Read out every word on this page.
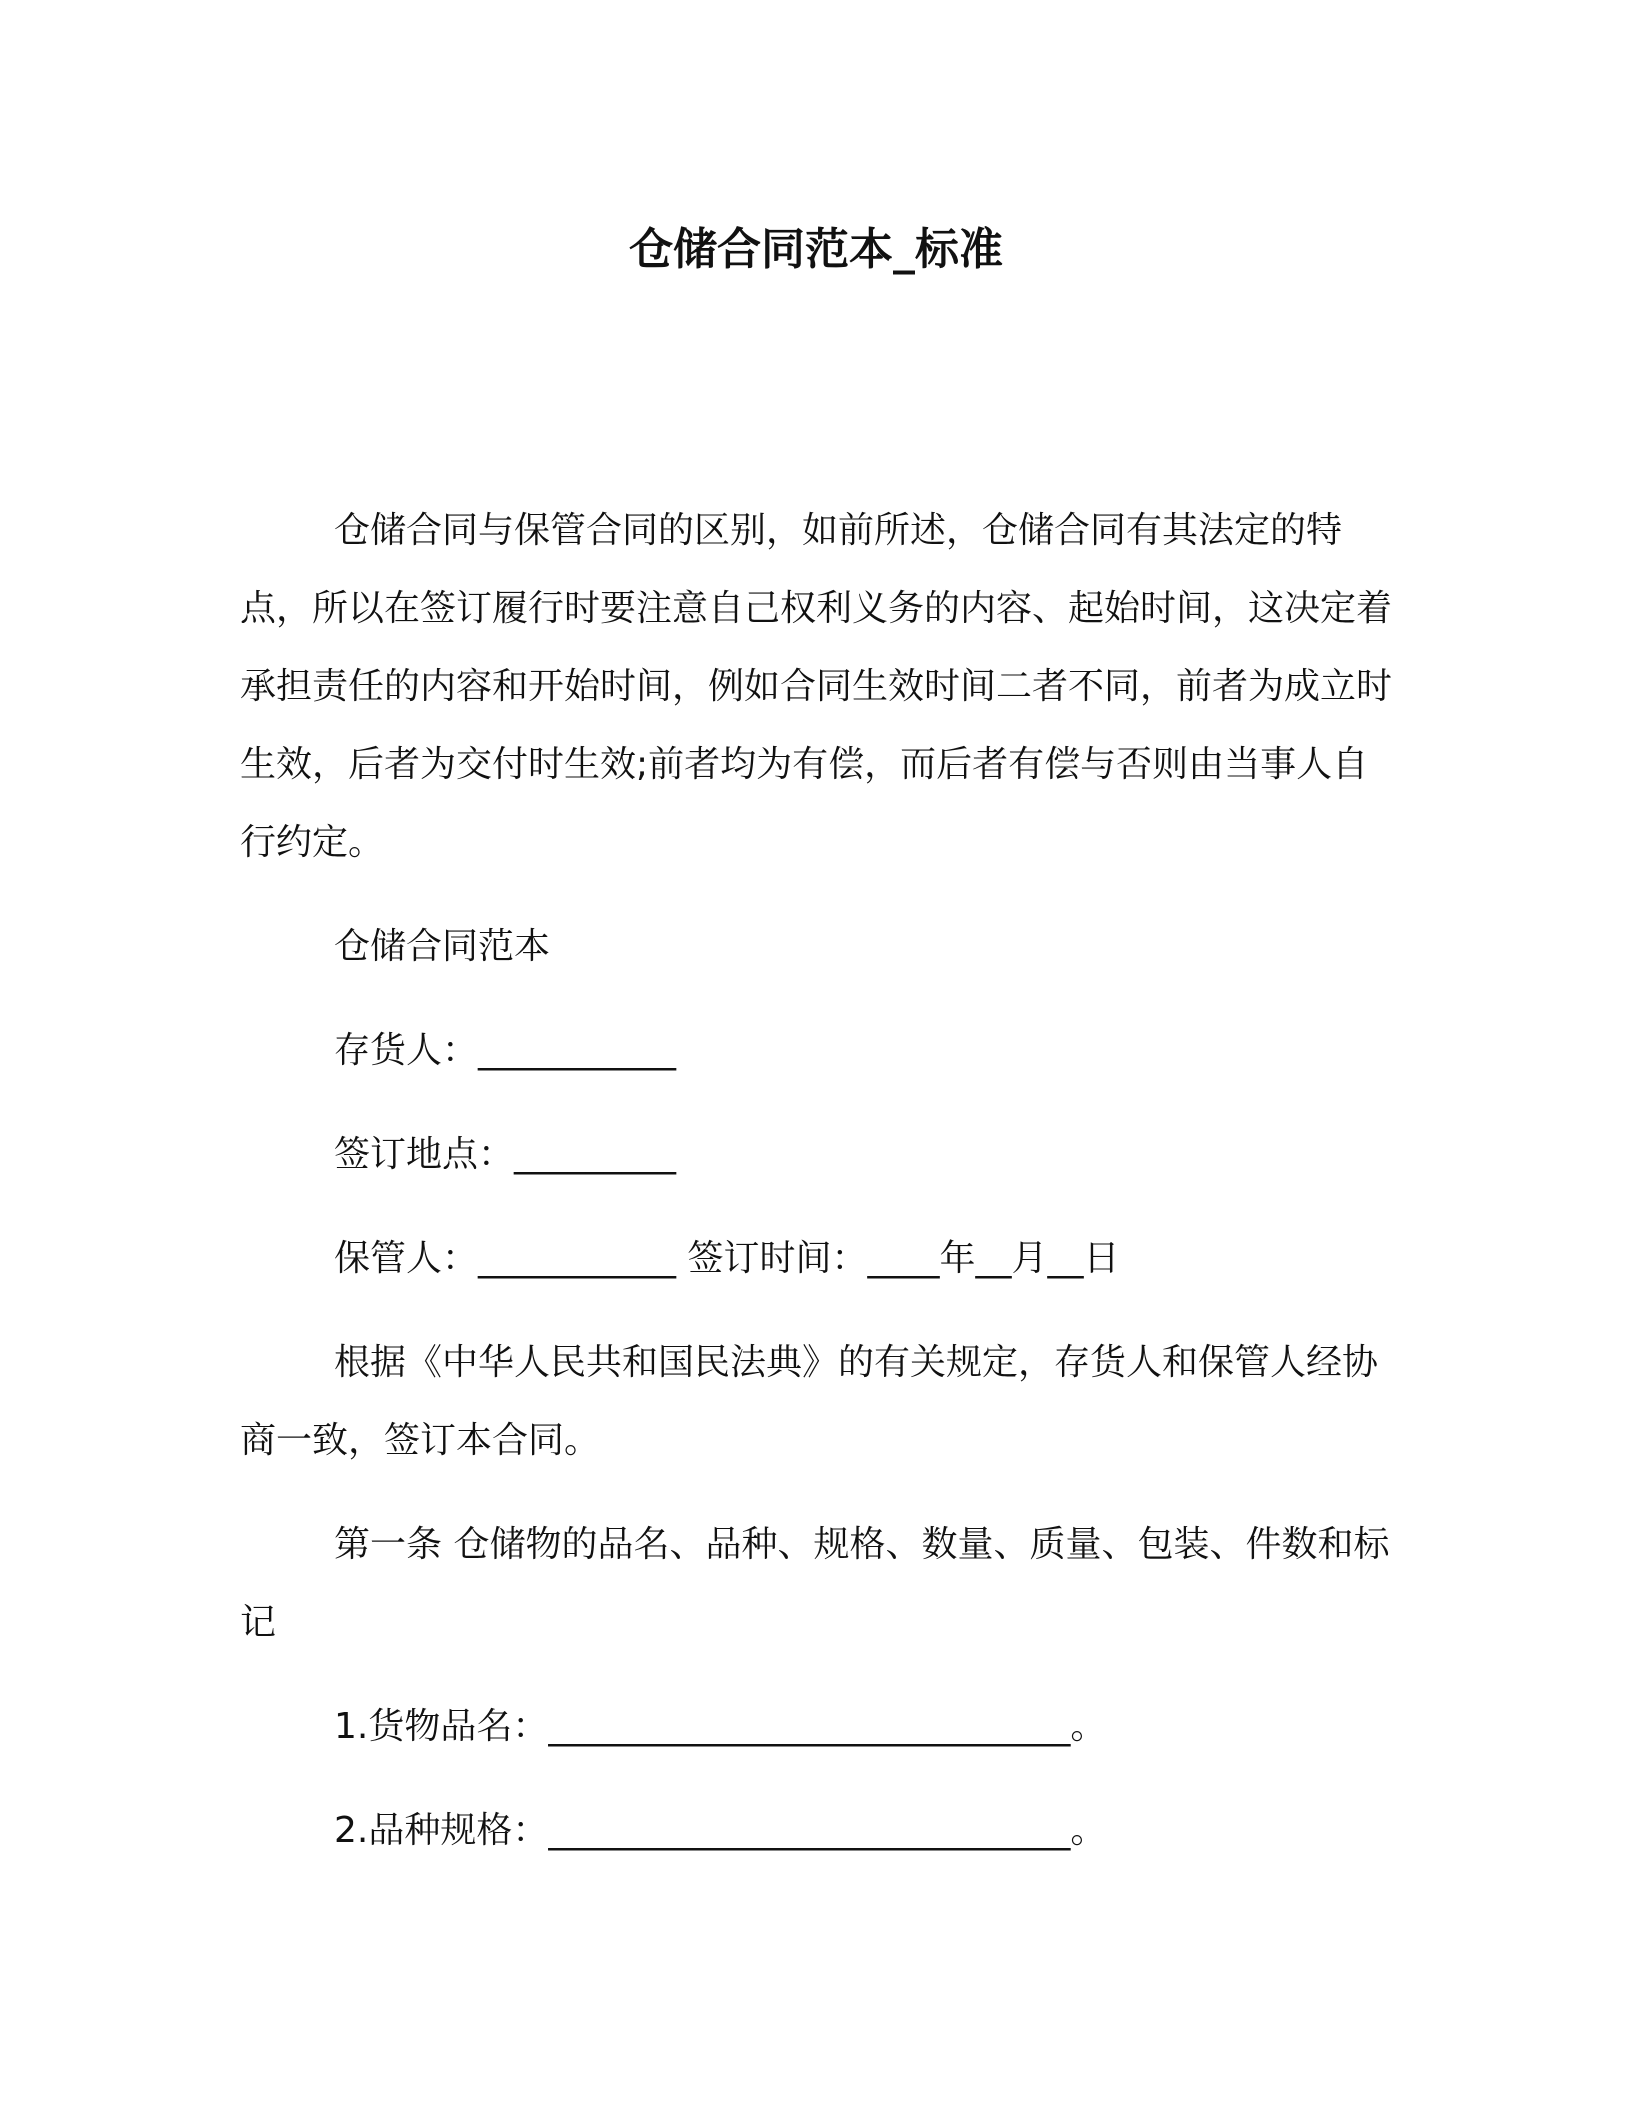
仓储合同范本_标准

仓储合同与保管合同的区别，如前所述，仓储合同有其法定的特点，所以在签订履行时要注意自己权利义务的内容、起始时间，这决定着承担责任的内容和开始时间，例如合同生效时间二者不同，前者为成立时生效，后者为交付时生效;前者均为有偿，而后者有偿与否则由当事人自行约定。

仓储合同范本

存货人：___________

签订地点：_________

保管人：___________ 签订时间：____年__月__日

根据《中华人民共和国民法典》的有关规定，存货人和保管人经协商一致，签订本合同。

第一条 仓储物的品名、品种、规格、数量、质量、包装、件数和标记

1.货物品名：_____________________________。

2.品种规格：_____________________________。
